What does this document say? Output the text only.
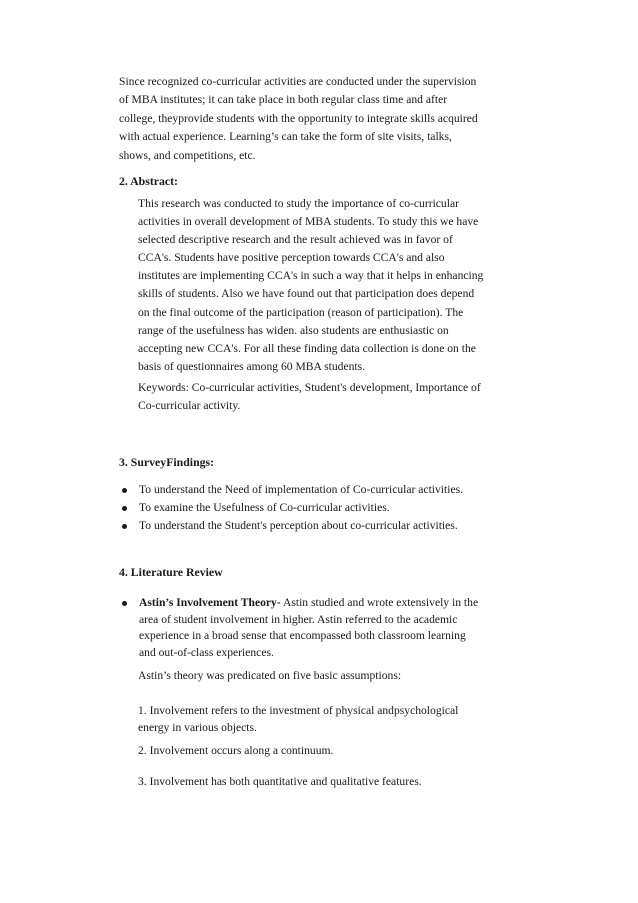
Since recognized co-curricular activities are conducted under the supervision
of MBA institutes; it can take place in both regular class time and after
college, theyprovide students with the opportunity to integrate skills acquired
with actual experience. Learning’s can take the form of site visits, talks,
shows, and competitions, etc.
2. Abstract:
This research was conducted to study the importance of co-curricular
activities in overall development of MBA students. To study this we have
selected descriptive research and the result achieved was in favor of
CCA's. Students have positive perception towards CCA's and also
institutes are implementing CCA's in such a way that it helps in enhancing
skills of students. Also we have found out that participation does depend
on the final outcome of the participation (reason of participation). The
range of the usefulness has widen. also students are enthusiastic on
accepting new CCA's. For all these finding data collection is done on the
basis of questionnaires among 60 MBA students.
Keywords: Co-curricular activities, Student's development, Importance of
Co-curricular activity.
3. SurveyFindings:
To understand the Need of implementation of Co-curricular activities.
To examine the Usefulness of Co-curricular activities.
To understand the Student's perception about co-curricular activities.
4. Literature Review
Astin’s Involvement Theory- Astin studied and wrote extensively in the
area of student involvement in higher. Astin referred to the academic
experience in a broad sense that encompassed both classroom learning
and out-of-class experiences.

Astin’s theory was predicated on five basic assumptions:

1. Involvement refers to the investment of physical andpsychological
energy in various objects.

2. Involvement occurs along a continuum.

3. Involvement has both quantitative and qualitative features.
